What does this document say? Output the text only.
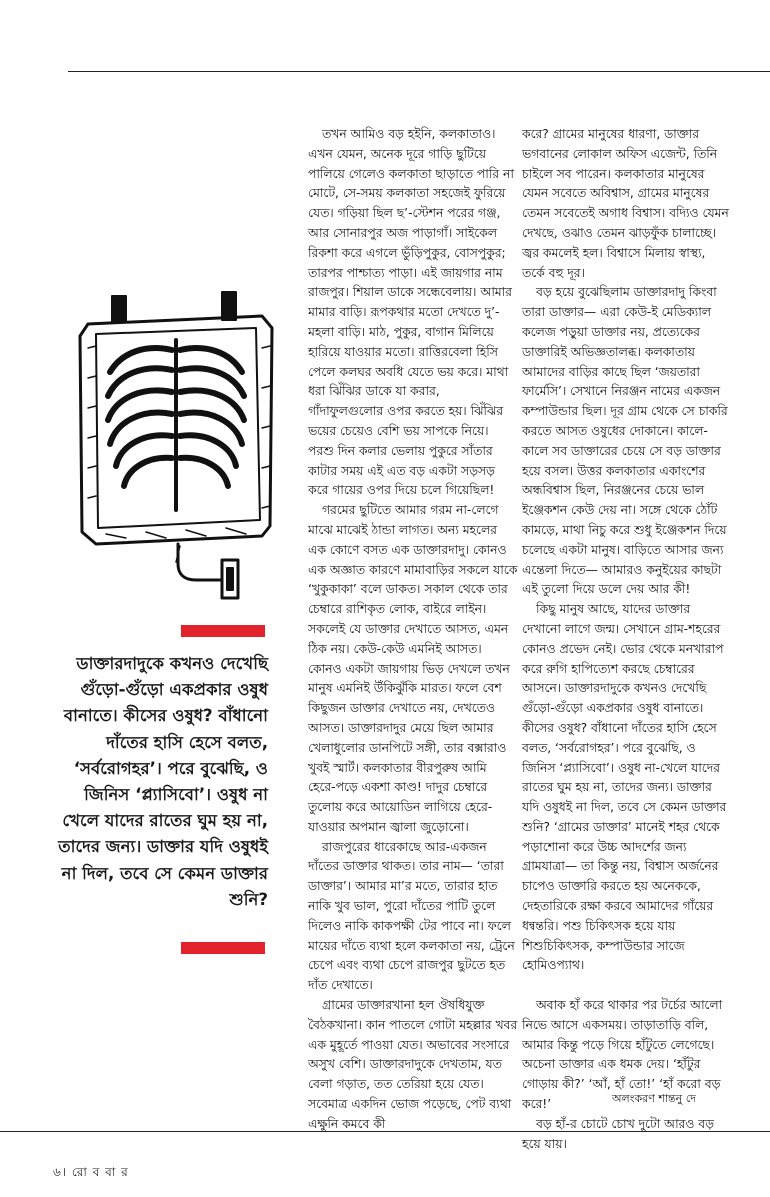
ডাক্তারদাদুকে কখনও দেখেছি গুঁড়ো-গুঁড়ো একপ্রকার ওষুধ বানাতে। কীসের ওষুধ? বাঁধানো দাঁতের হাসি হেসে বলত, ‘সর্বরোগহর’। পরে বুঝেছি, ও জিনিস ‘প্ল্যাসিবো’। ওষুধ না খেলে যাদের রাতের ঘুম হয় না, তাদের জন্য। ডাক্তার যদি ওষুধই না দিল, তবে সে কেমন ডাক্তার শুনি?

তখন আমিও বড় হইনি, কলকাতাও। এখন যেমন, অনেক দূরে গাড়ি ছুটিয়ে পালিয়ে গেলেও কলকাতা ছাড়াতে পারি না মোটে, সে-সময় কলকাতা সহজেই ফুরিয়ে যেত। গড়িয়া ছিল ছ’-স্টেশন পরের গঞ্জ, আর সোনারপুর অজ পাড়াগাঁ। সাইকেল রিকশা করে এগলে ভুঁড়িপুকুর, বোসপুকুর; তারপর পাশ্চাত্য পাড়া। এই জায়গার নাম রাজপুর। শিয়াল ডাকে সন্ধেবেলায়। আমার মামার বাড়ি। রূপকথার মতো দেখতে দু’-মহলা বাড়ি। মাঠ, পুকুর, বাগান মিলিয়ে হারিয়ে যাওয়ার মতো। রাত্তিরবেলা হিসি পেলে কলঘর অবধি যেতে ভয় করে। মাথা ধরা ঝিঁঝির ডাকে যা করার, গাঁদাফুলগুলোর ওপর করতে হয়। ঝিঁঝির ভয়ের চেয়েও বেশি ভয় সাপকে নিয়ে। পরশু দিন কলার ভেলায় পুকুরে সাঁতার কাটার সময় এই এত বড় একটা সড়সড় করে গায়ের ওপর দিয়ে চলে গিয়েছিল!

গরমের ছুটিতে আমার গরম না-লেগে মাঝে মাঝেই ঠান্ডা লাগত। অন্য মহলের এক কোণে বসত এক ডাক্তারদাদু। কোনও এক অজ্ঞাত কারণে মামাবাড়ির সকলে যাকে ‘খুকুকাকা’ বলে ডাকত। সকাল থেকে তার চেম্বারে রাশিকৃত লোক, বাইরে লাইন। সকলেই যে ডাক্তার দেখাতে আসত, এমন ঠিক নয়। কেউ-কেউ এমনিই আসত। কোনও একটা জায়গায় ভিড় দেখলে তখন মানুষ এমনিই উঁকিঝুঁকি মারত। ফলে বেশ কিছুজন ডাক্তার দেখাতে নয়, দেখতেও আসত। ডাক্তারদাদুর মেয়ে ছিল আমার খেলাধুলোর ডানপিটে সঙ্গী, তার বক্সারাও খুবই স্মার্ট। কলকাতার বীরপুরুষ আমি হেরে-পড়ে একশা কাণ্ড! দাদুর চেম্বারে তুলোয় করে আয়োডিন লাগিয়ে হেরে-যাওয়ার অপমান জ্বালা জুড়োনো।

রাজপুরের ধারেকাছে আর-একজন দাঁতের ডাক্তার থাকত। তার নাম— ‘তারা ডাক্তার’। আমার মা’র মতে, তারার হাত নাকি খুব ভাল, পুরো দাঁতের পাটি তুলে দিলেও নাকি কাকপক্ষী টের পাবে না। ফলে মায়ের দাঁতে ব্যথা হলে কলকাতা নয়, ট্রেনে চেপে এবং ব্যথা চেপে রাজপুর ছুটতে হত দাঁত দেখাতে।

গ্রামের ডাক্তারখানা হল ঔষধিযুক্ত বৈঠকখানা। কান পাতলে গোটা মহল্লার খবর এক মুহূর্তে পাওয়া যেত। অভাবের সংসারে অসুখ বেশি। ডাক্তারদাদুকে দেখতাম, যত বেলা গড়াত, তত তেরিয়া হয়ে যেত। সবেমাত্র একদিন ভোজ পড়েছে, পেট ব্যথা এক্ষুনি কমবে কী

করে? গ্রামের মানুষের ধারণা, ডাক্তার ভগবানের লোকাল অফিস এজেন্ট, তিনি চাইলে সব পারেন। কলকাতার মানুষের যেমন সবেতে অবিশ্বাস, গ্রামের মানুষের তেমন সবেতেই অগাধ বিশ্বাস। বদ্যিও যেমন দেখছে, ওঝাও তেমন ঝাড়ফুঁক চালাচ্ছে। জ্বর কমলেই হল। বিশ্বাসে মিলায় স্বাস্থ্য, তর্কে বহু দূর।

বড় হয়ে বুঝেছিলাম ডাক্তারদাদু কিংবা তারা ডাক্তার— এরা কেউ-ই মেডিক্যাল কলেজ পড়ুয়া ডাক্তার নয়, প্রত্যেকের ডাক্তারিই অভিজ্ঞতালব্ধ। কলকাতায় আমাদের বাড়ির কাছে ছিল ‘জয়তারা ফার্মেসি’। সেখানে নিরঞ্জন নামের একজন কম্পাউন্ডার ছিল। দূর গ্রাম থেকে সে চাকরি করতে আসত ওষুধের দোকানে। কালে-কালে সব ডাক্তারের চেয়ে সে বড় ডাক্তার হয়ে বসল। উত্তর কলকাতার একাংশের অন্ধবিশ্বাস ছিল, নিরঞ্জনের চেয়ে ভাল ইঞ্জেকশন কেউ দেয় না। সঙ্গে থেকে ঠোঁট কামড়ে, মাথা নিচু করে শুধু ইঞ্জেকশন দিয়ে চলেছে একটা মানুষ। বাড়িতে আসার জন্য এন্তেলা দিতে— আমারও কনুইয়ের কাছটা এই তুলো দিয়ে ডলে দেয় আর কী!

কিছু মানুষ আছে, যাদের ডাক্তার দেখানো লাগে জন্ম। সেখানে গ্রাম-শহরের কোনও প্রভেদ নেই। ভোর থেকে মনখারাপ করে রুগি হাপিত্যেশ করছে চেম্বারের আসনে। ডাক্তারদাদুকে কখনও দেখেছি গুঁড়ো-গুঁড়ো একপ্রকার ওষুধ বানাতে। কীসের ওষুধ? বাঁধানো দাঁতের হাসি হেসে বলত, ‘সর্বরোগহর’। পরে বুঝেছি, ও জিনিস ‘প্ল্যাসিবো’। ওষুধ না-খেলে যাদের রাতের ঘুম হয় না, তাদের জন্য। ডাক্তার যদি ওষুধই না দিল, তবে সে কেমন ডাক্তার শুনি? ‘গ্রামের ডাক্তার’ মানেই শহর থেকে পড়াশোনা করে উচ্চ আদর্শের জন্য গ্রামযাত্রা— তা কিন্তু নয়, বিশ্বাস অর্জনের চাপেও ডাক্তারি করতে হয় অনেককে, দেহতারিকে রক্ষা করবে আমাদের গাঁয়ের ধন্বন্তরি। পশু চিকিৎসক হয়ে যায় শিশুচিকিৎসক, কম্পাউন্ডার সাজে হোমিওপ্যাথ।

অবাক হাঁ করে থাকার পর টর্চের আলো নিভে আসে একসময়। তাড়াতাড়ি বলি, আমার কিন্তু পড়ে গিয়ে হাঁটুতে লেগেছে। অচেনা ডাক্তার এক ধমক দেয়। ‘হাঁটুর গোড়ায় কী?’ ‘আঁ, হাঁ তো!’ ‘হাঁ করো বড় করে!’

বড় হাঁ-র চোটে চোখ দুটো আরও বড় হয়ে যায়।

অলংকরণ শান্তনু দে
৬। রো ব বা র
